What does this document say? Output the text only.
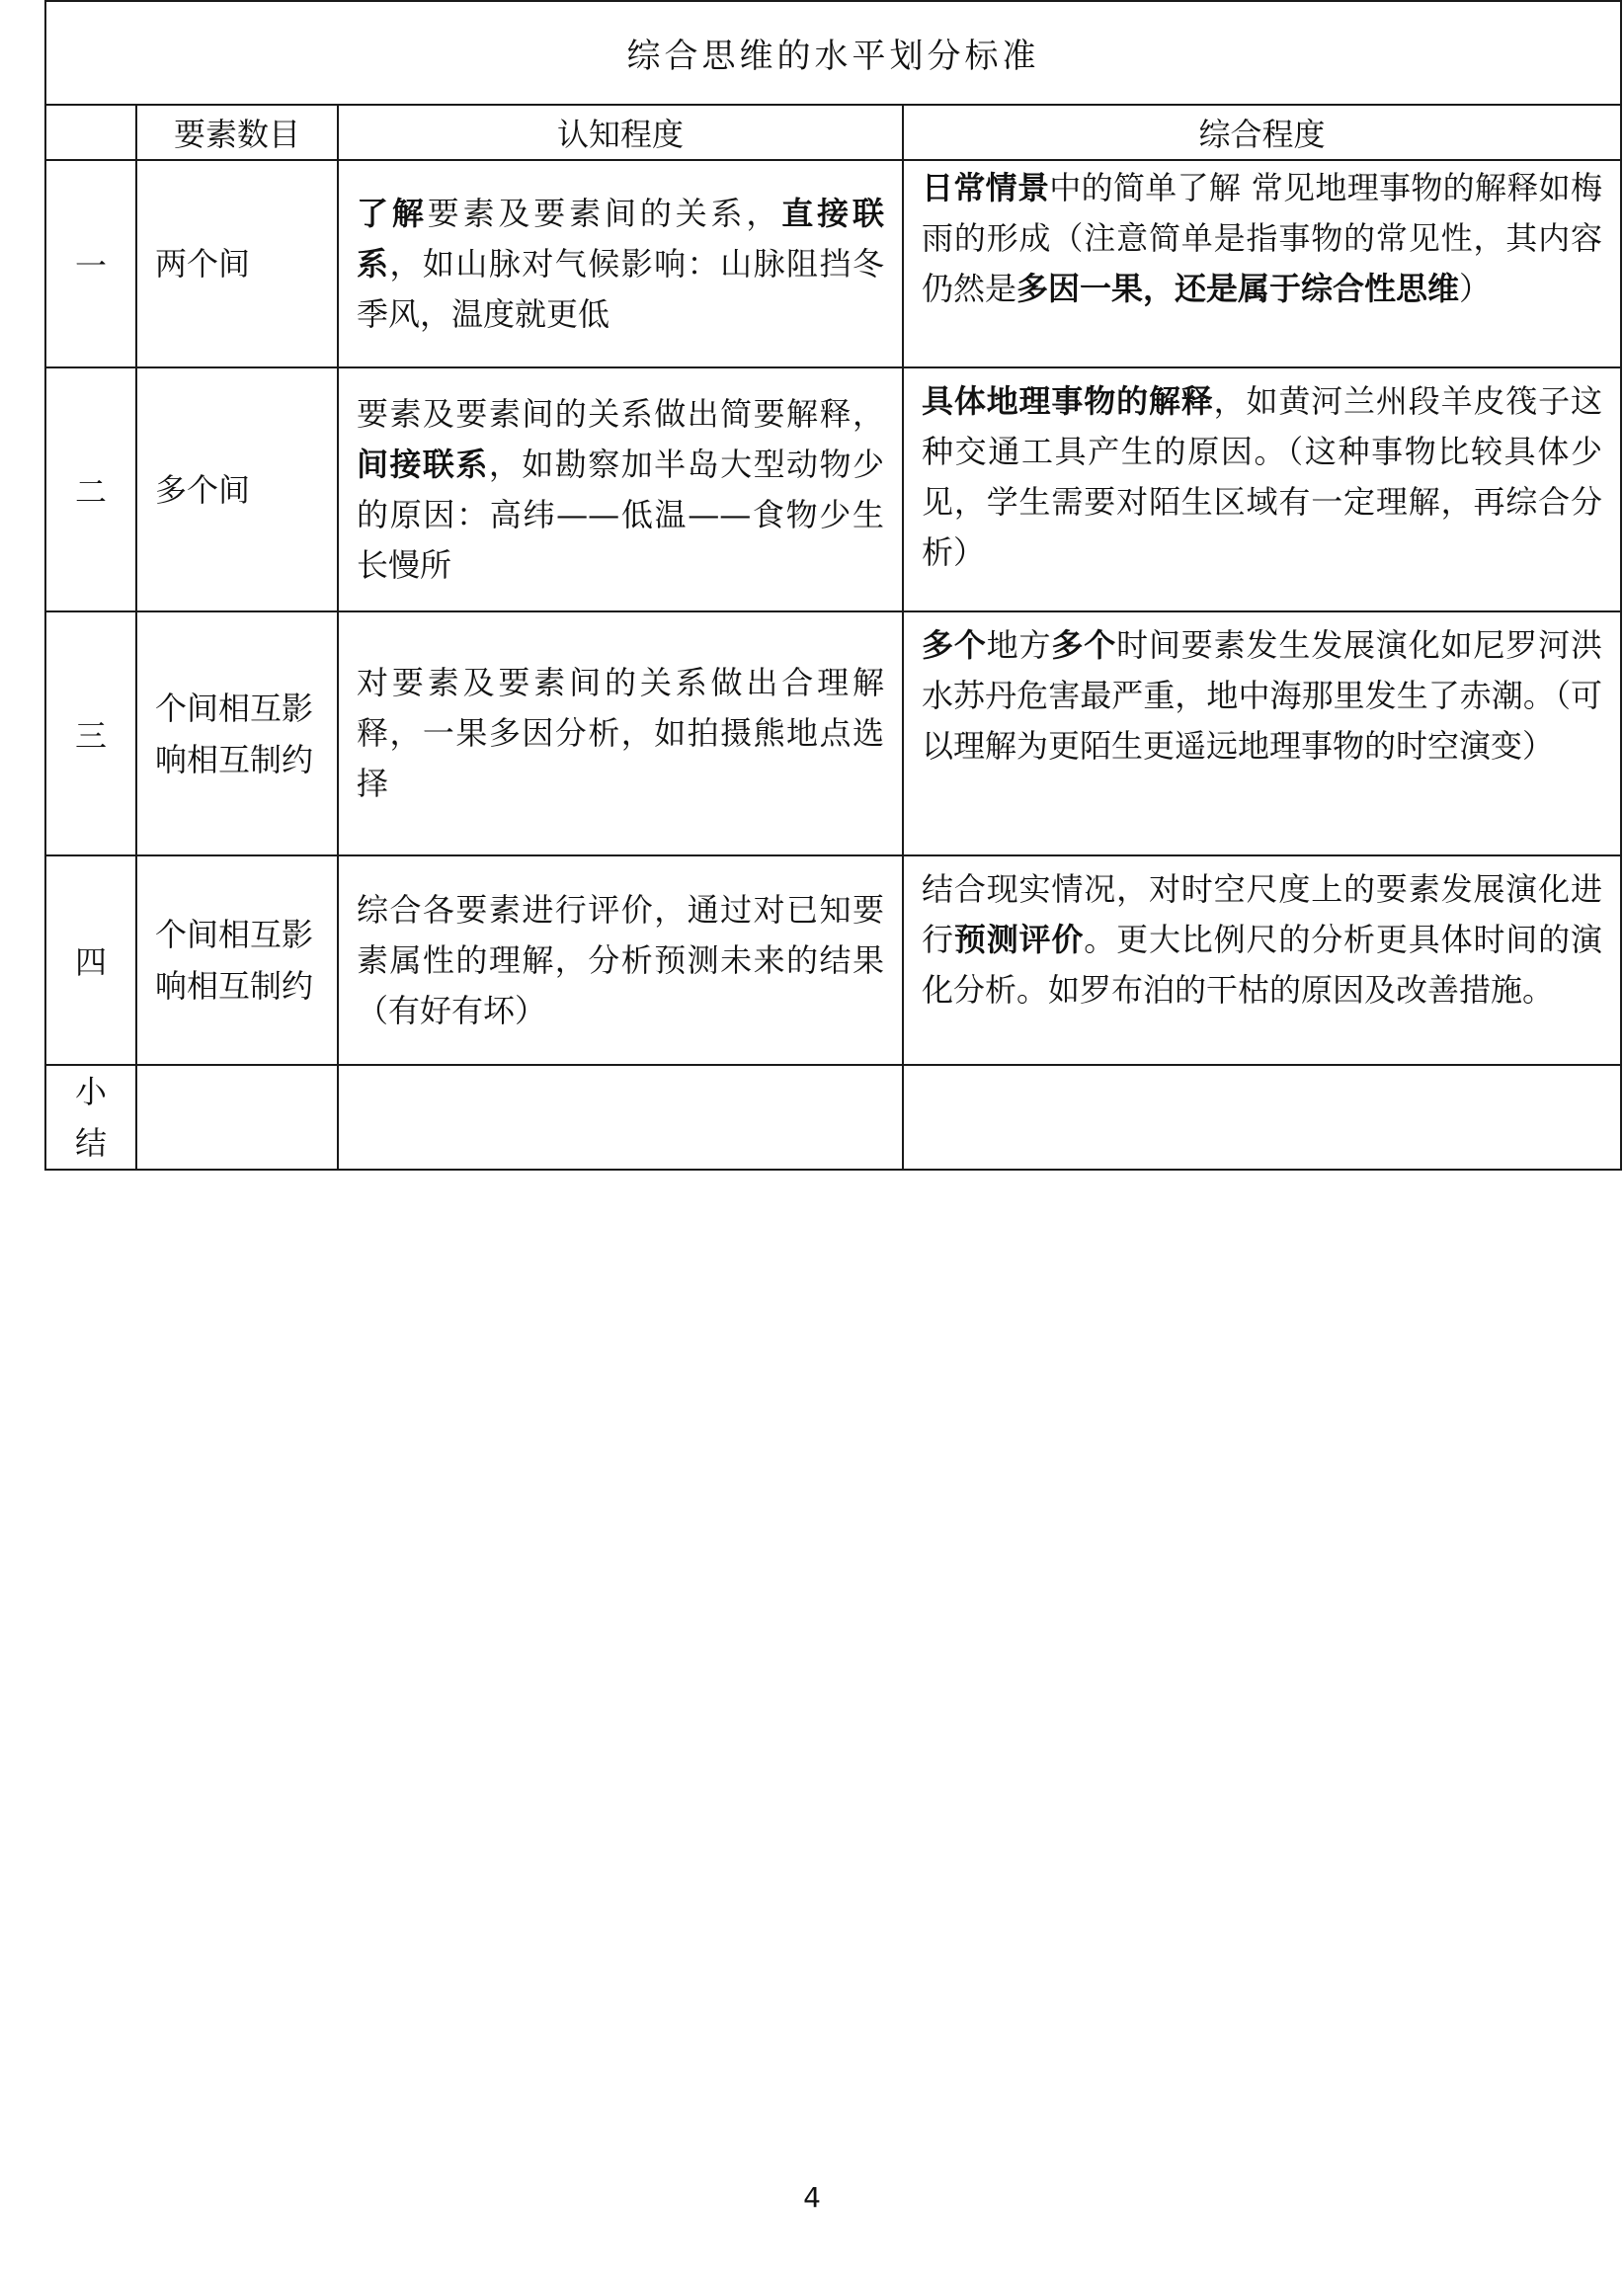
综合思维的水平划分标准			
	要素数目	认知程度	综合程度
一	两个间	了解要素及要素间的关系，直接联系，如山脉对气候影响：山脉阻挡冬季风，温度就更低	日常情景中的简单了解 常见地理事物的解释如梅雨的形成（注意简单是指事物的常见性，其内容仍然是多因一果，还是属于综合性思维）
二	多个间	要素及要素间的关系做出简要解释，间接联系，如勘察加半岛大型动物少的原因：高纬——低温——食物少生长慢所	具体地理事物的解释，如黄河兰州段羊皮筏子这种交通工具产生的原因。（这种事物比较具体少见，学生需要对陌生区域有一定理解，再综合分析）
三	个间相互影响相互制约	对要素及要素间的关系做出合理解释，一果多因分析，如拍摄熊地点选择	多个地方多个时间要素发生发展演化如尼罗河洪水苏丹危害最严重，地中海那里发生了赤潮。（可以理解为更陌生更遥远地理事物的时空演变）
四	个间相互影响相互制约	综合各要素进行评价，通过对已知要素属性的理解，分析预测未来的结果（有好有坏）	结合现实情况，对时空尺度上的要素发展演化进行预测评价。更大比例尺的分析更具体时间的演化分析。如罗布泊的干枯的原因及改善措施。
小结			
4
